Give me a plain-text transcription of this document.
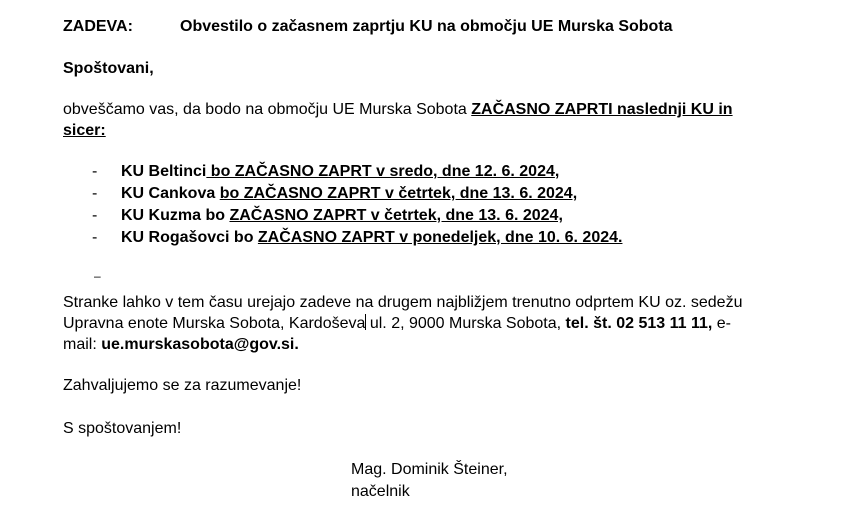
ZADEVA:	Obvestilo o začasnem zaprtju KU na območju UE Murska Sobota
Spoštovani,
obveščamo vas, da bodo na območju UE Murska Sobota ZAČASNO ZAPRTI naslednji KU in
sicer:
- KU Beltinci bo ZAČASNO ZAPRT v sredo, dne 12. 6. 2024,
- KU Cankova bo ZAČASNO ZAPRT v četrtek, dne 13. 6. 2024,
- KU Kuzma bo ZAČASNO ZAPRT v četrtek, dne 13. 6. 2024,
- KU Rogašovci bo ZAČASNO ZAPRT v ponedeljek, dne 10. 6. 2024.
–
Stranke lahko v tem času urejajo zadeve na drugem najbližjem trenutno odprtem KU oz. sedežu
Upravna enote Murska Sobota, Kardoševa ul. 2, 9000 Murska Sobota, tel. št. 02 513 11 11, e-
mail: ue.murskasobota@gov.si.
Zahvaljujemo se za razumevanje!
S spoštovanjem!
Mag. Dominik Šteiner,
načelnik
